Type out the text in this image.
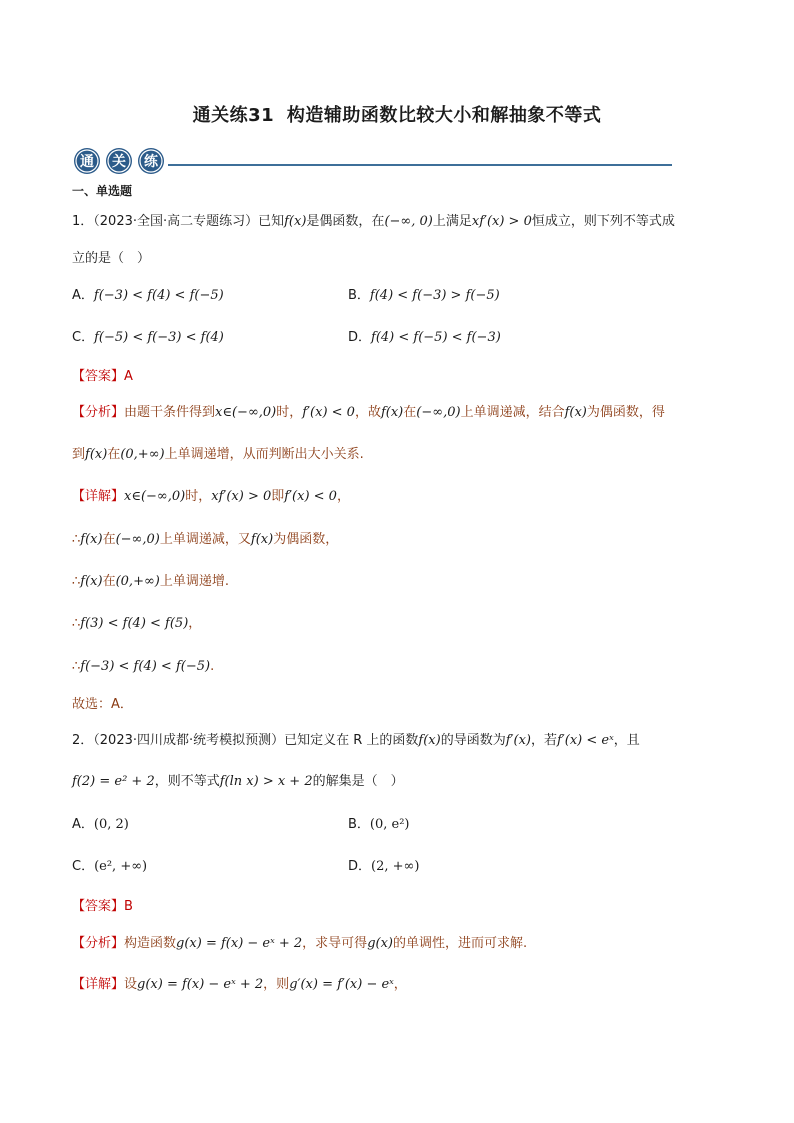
通关练31 构造辅助函数比较大小和解抽象不等式
通 关 练
一、单选题
1．（2023·全国·高二专题练习）已知f(x)是偶函数，在(−∞, 0)上满足xf′(x) > 0恒成立，则下列不等式成
立的是（　）
A．f(−3) < f(4) < f(−5)	B．f(4) < f(−3) > f(−5)
C．f(−5) < f(−3) < f(4)	D．f(4) < f(−5) < f(−3)
【答案】A
【分析】由题干条件得到x∈(−∞,0)时，f′(x) < 0，故f(x)在(−∞,0)上单调递减，结合f(x)为偶函数，得
到f(x)在(0,+∞)上单调递增，从而判断出大小关系.
【详解】x∈(−∞,0)时，xf′(x) > 0即f′(x) < 0，
∴f(x)在(−∞,0)上单调递减，又f(x)为偶函数，
∴f(x)在(0,+∞)上单调递增.
∴f(3) < f(4) < f(5)，
∴f(−3) < f(4) < f(−5).
故选：A．
2．（2023·四川成都·统考模拟预测）已知定义在 R 上的函数f(x)的导函数为f′(x)，若f′(x) < eˣ，且
f(2) = e² + 2，则不等式f(ln x) > x + 2的解集是（　）
A．(0, 2)	B．(0, e²)
C．(e², +∞)	D．(2, +∞)
【答案】B
【分析】构造函数g(x) = f(x) − eˣ + 2，求导可得g(x)的单调性，进而可求解.
【详解】设g(x) = f(x) − eˣ + 2，则g′(x) = f′(x) − eˣ，
